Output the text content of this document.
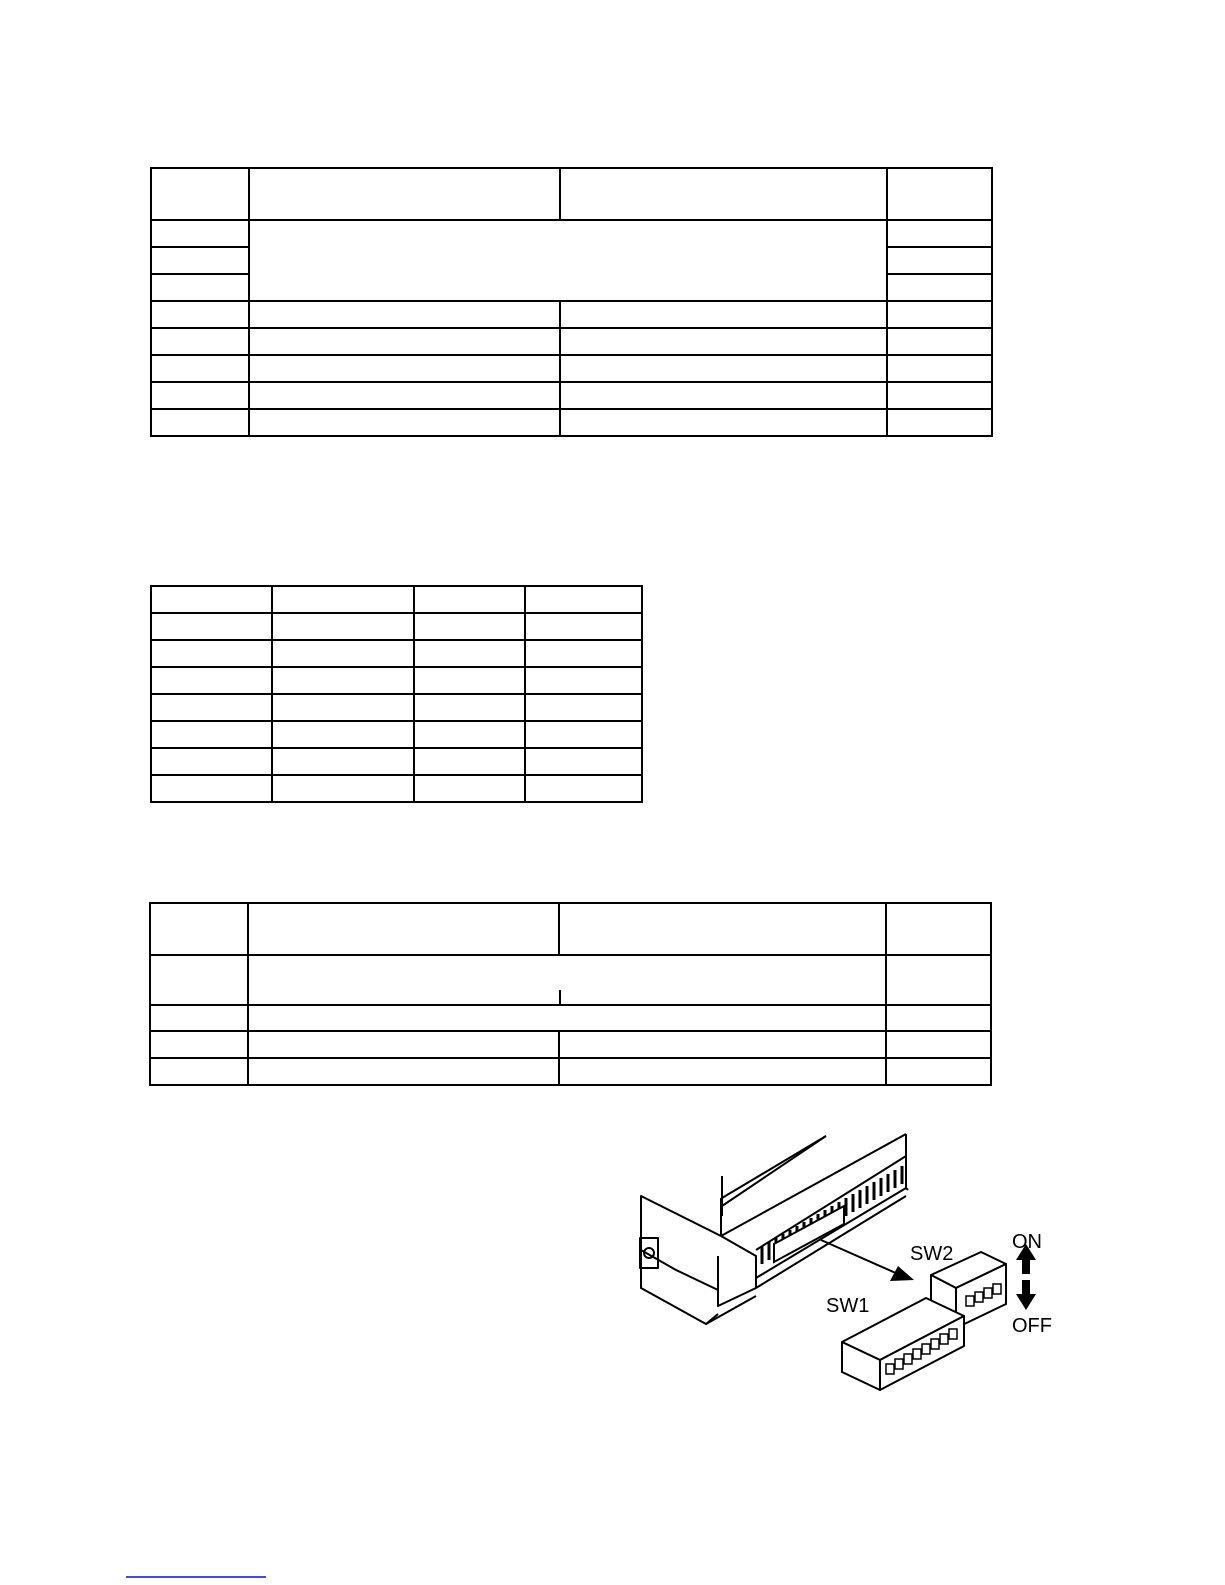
SW2
SW1
ON
OFF
